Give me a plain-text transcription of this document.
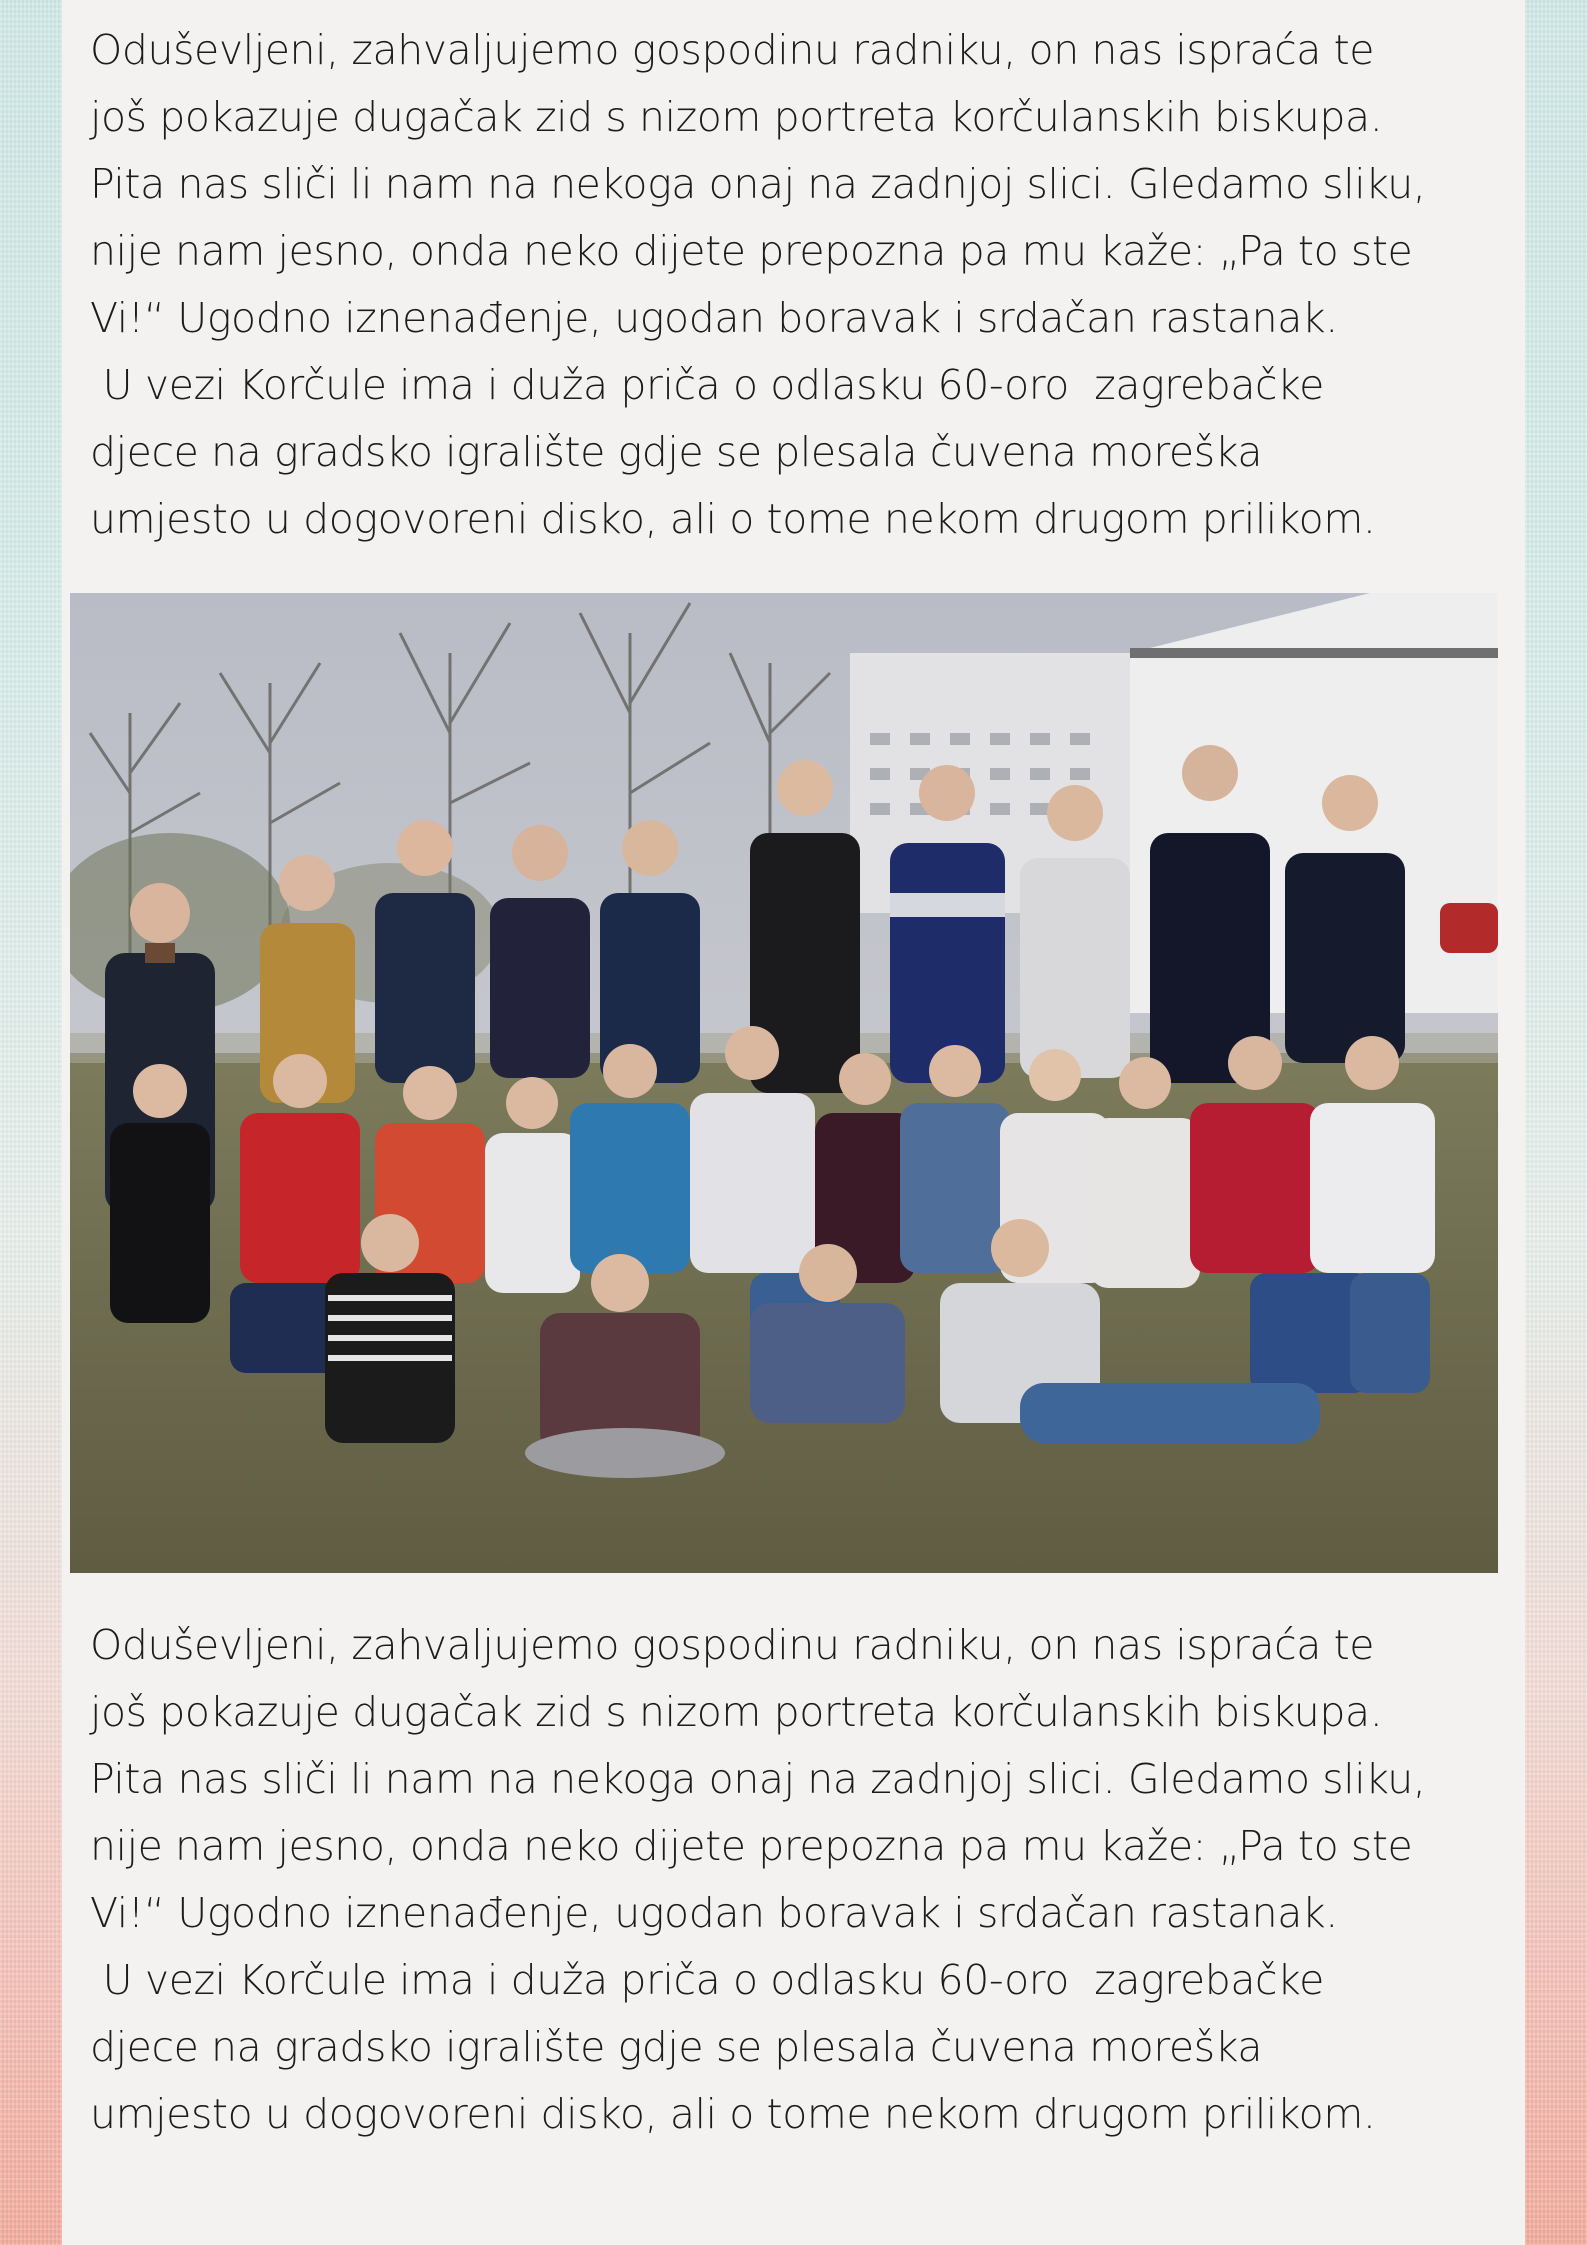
Oduševljeni, zahvaljujemo gospodinu radniku, on nas ispraća te
još pokazuje dugačak zid s nizom portreta korčulanskih biskupa.
Pita nas sliči li nam na nekoga onaj na zadnjoj slici. Gledamo sliku,
nije nam jesno, onda neko dijete prepozna pa mu kaže: „Pa to ste
Vi!“ Ugodno iznenađenje, ugodan boravak i srdačan rastanak.
U vezi Korčule ima i duža priča o odlasku 60-oro  zagrebačke
djece na gradsko igralište gdje se plesala čuvena moreška
umjesto u dogovoreni disko, ali o tome nekom drugom prilikom.
Oduševljeni, zahvaljujemo gospodinu radniku, on nas ispraća te
još pokazuje dugačak zid s nizom portreta korčulanskih biskupa.
Pita nas sliči li nam na nekoga onaj na zadnjoj slici. Gledamo sliku,
nije nam jesno, onda neko dijete prepozna pa mu kaže: „Pa to ste
Vi!“ Ugodno iznenađenje, ugodan boravak i srdačan rastanak.
U vezi Korčule ima i duža priča o odlasku 60-oro  zagrebačke
djece na gradsko igralište gdje se plesala čuvena moreška
umjesto u dogovoreni disko, ali o tome nekom drugom prilikom.
